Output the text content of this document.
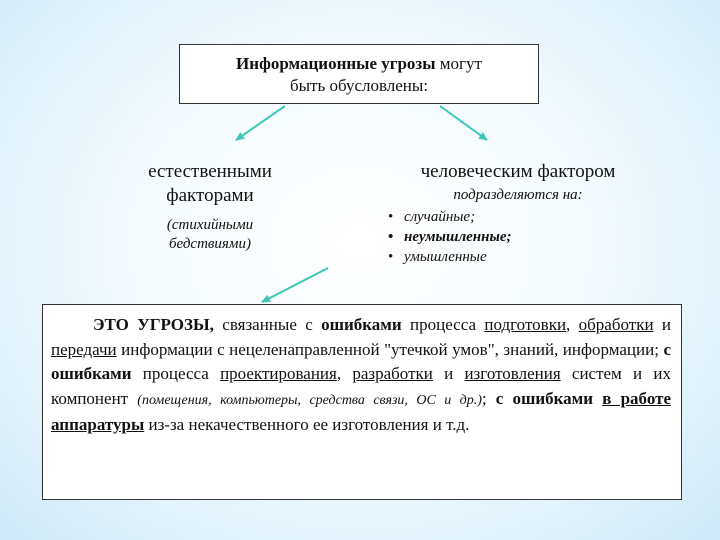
Информационные угрозы могут
быть обусловлены:
естественными
факторами
(стихийными
бедствиями)
человеческим фактором
подразделяются на:
• случайные;
• неумышленные;
• умышленные

ЭТО УГРОЗЫ, связанные с ошибками процесса подготовки, обработки и передачи информации с нецеленаправленной "утечкой умов", знаний, информации; с ошибками процесса проектирования, разработки и изготовления систем и их компонент (помещения, компьютеры, средства связи, ОС и др.); с ошибками в работе аппаратуры из-за некачественного ее изготовления и т.д.
